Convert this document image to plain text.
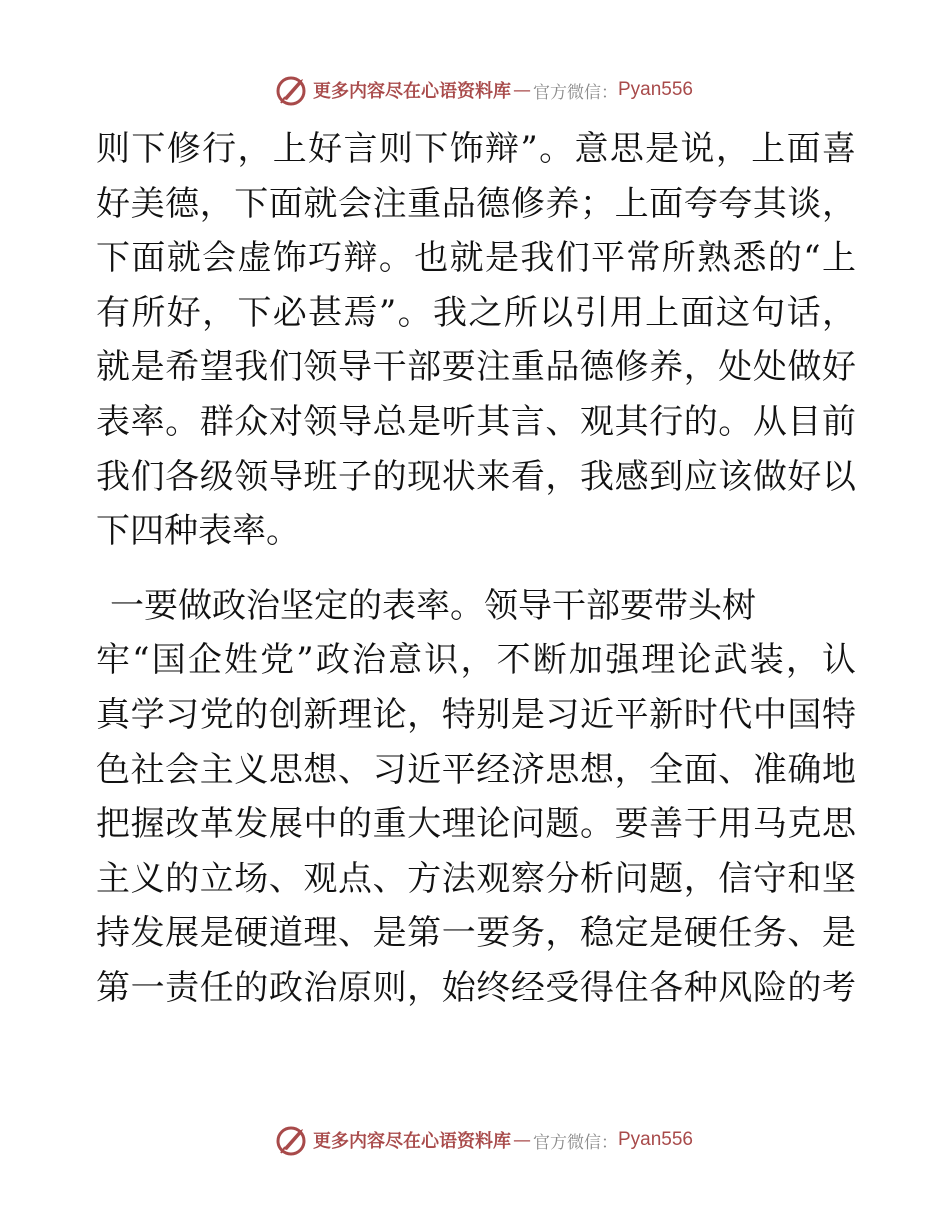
更多内容尽在心语资料库 — 官方微信： Pyan556
则下修行，上好言则下饰辩”。意思是说，上面喜
好美德，下面就会注重品德修养；上面夸夸其谈，
下面就会虚饰巧辩。也就是我们平常所熟悉的“上
有所好，下必甚焉”。我之所以引用上面这句话，
就是希望我们领导干部要注重品德修养，处处做好
表率。群众对领导总是听其言、观其行的。从目前
我们各级领导班子的现状来看，我感到应该做好以
下四种表率。
一要做政治坚定的表率。领导干部要带头树
牢“国企姓党”政治意识，不断加强理论武装，认
真学习党的创新理论，特别是习近平新时代中国特
色社会主义思想、习近平经济思想，全面、准确地
把握改革发展中的重大理论问题。要善于用马克思
主义的立场、观点、方法观察分析问题，信守和坚
持发展是硬道理、是第一要务，稳定是硬任务、是
第一责任的政治原则，始终经受得住各种风险的考
更多内容尽在心语资料库 — 官方微信： Pyan556
